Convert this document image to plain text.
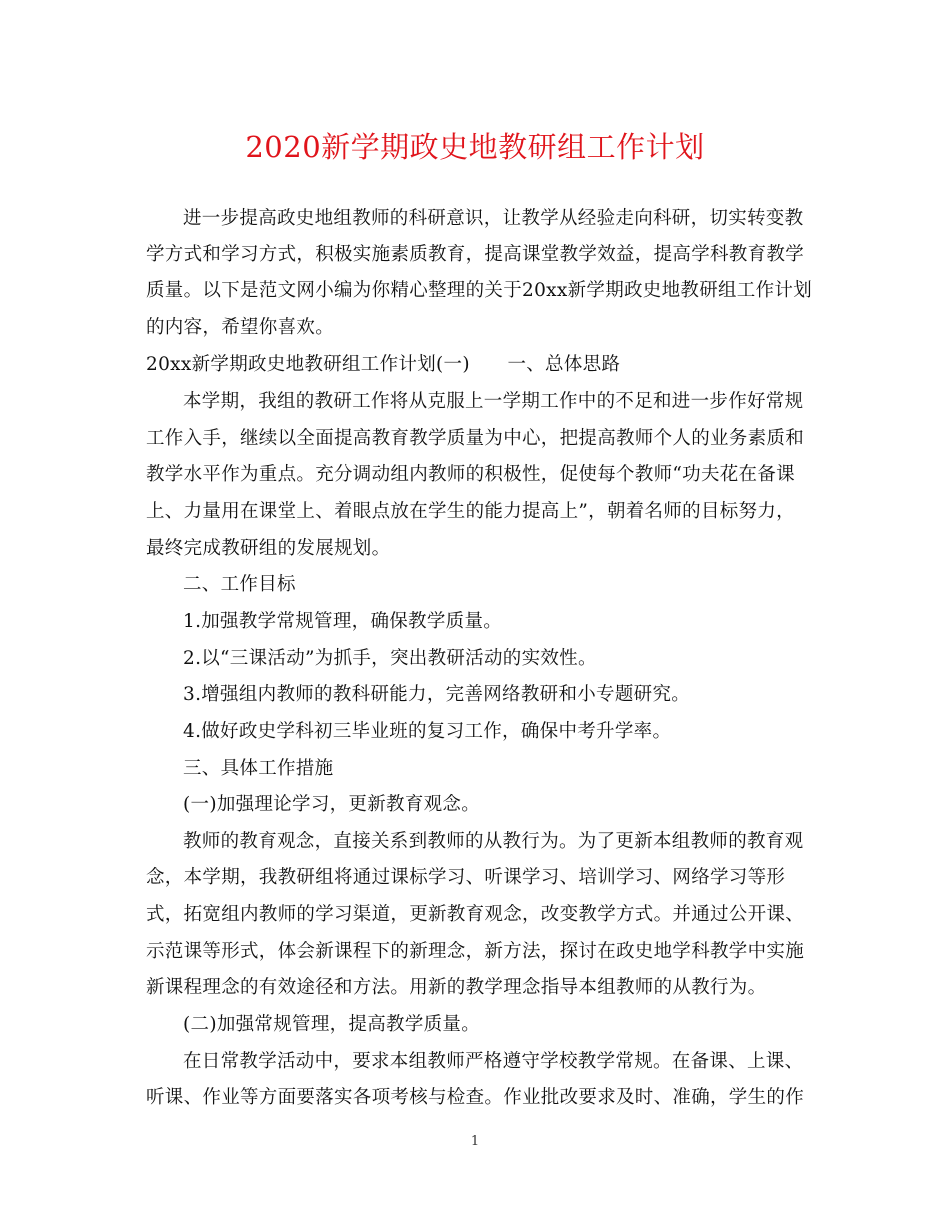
2020新学期政史地教研组工作计划
进一步提高政史地组教师的科研意识，让教学从经验走向科研，切实转变教
学方式和学习方式，积极实施素质教育，提高课堂教学效益，提高学科教育教学
质量。以下是范文网小编为你精心整理的关于20xx新学期政史地教研组工作计划
的内容，希望你喜欢。
20xx新学期政史地教研组工作计划(一)　　一、总体思路
本学期，我组的教研工作将从克服上一学期工作中的不足和进一步作好常规
工作入手，继续以全面提高教育教学质量为中心，把提高教师个人的业务素质和
教学水平作为重点。充分调动组内教师的积极性，促使每个教师“功夫花在备课
上、力量用在课堂上、着眼点放在学生的能力提高上”，朝着名师的目标努力，
最终完成教研组的发展规划。
二、工作目标
1.加强教学常规管理，确保教学质量。
2.以“三课活动”为抓手，突出教研活动的实效性。
3.增强组内教师的教科研能力，完善网络教研和小专题研究。
4.做好政史学科初三毕业班的复习工作，确保中考升学率。
三、具体工作措施
(一)加强理论学习，更新教育观念。
教师的教育观念，直接关系到教师的从教行为。为了更新本组教师的教育观
念，本学期，我教研组将通过课标学习、听课学习、培训学习、网络学习等形
式，拓宽组内教师的学习渠道，更新教育观念，改变教学方式。并通过公开课、
示范课等形式，体会新课程下的新理念，新方法，探讨在政史地学科教学中实施
新课程理念的有效途径和方法。用新的教学理念指导本组教师的从教行为。
(二)加强常规管理，提高教学质量。
在日常教学活动中，要求本组教师严格遵守学校教学常规。在备课、上课、
听课、作业等方面要落实各项考核与检查。作业批改要求及时、准确，学生的作
1
